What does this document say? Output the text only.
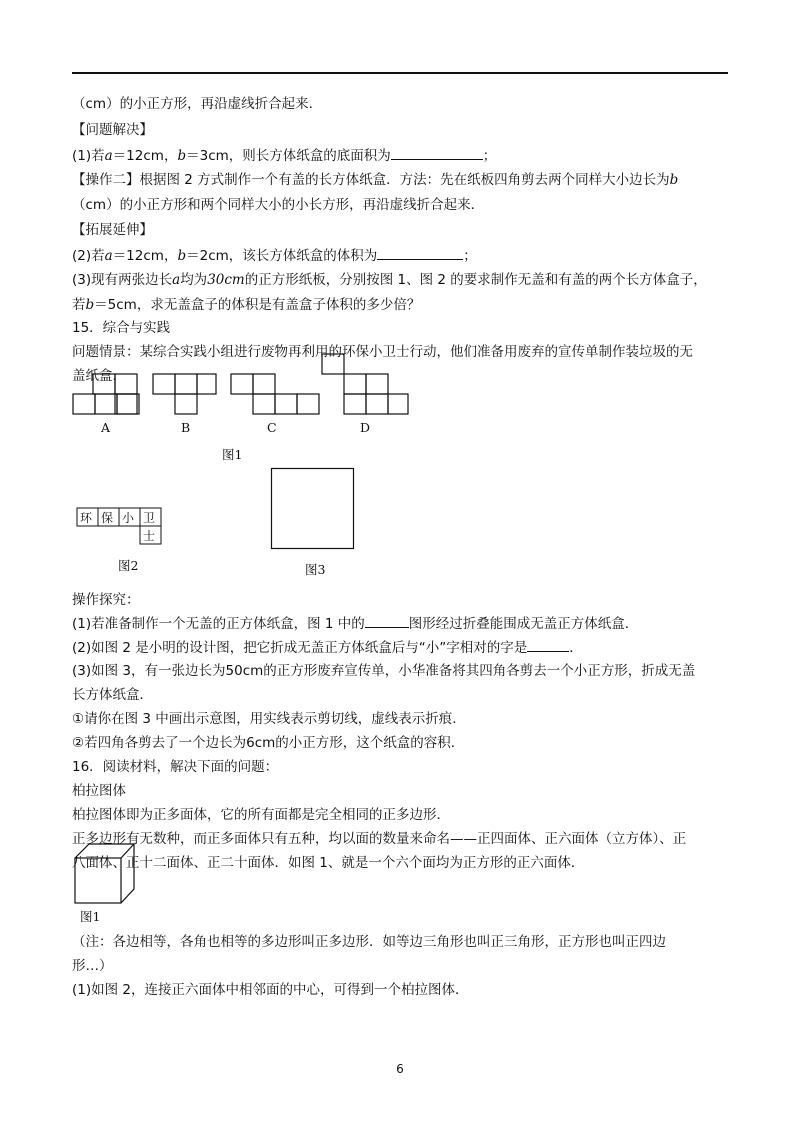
（cm）的小正方形，再沿虚线折合起来．
【问题解决】
(1)若a＝12cm，b＝3cm，则长方体纸盒的底面积为	；
【操作二】根据图 2 方式制作一个有盖的长方体纸盒．方法：先在纸板四角剪去两个同样大小边长为b
（cm）的小正方形和两个同样大小的小长方形，再沿虚线折合起来．
【拓展延伸】
(2)若a＝12cm，b＝2cm，该长方体纸盒的体积为	；
(3)现有两张边长a均为30cm的正方形纸板，分别按图 1、图 2 的要求制作无盖和有盖的两个长方体盒子，
若b＝5cm，求无盖盒子的体积是有盖盒子体积的多少倍？
15．综合与实践
问题情景：某综合实践小组进行废物再利用的环保小卫士行动，他们准备用废弃的宣传单制作装垃圾的无
盖纸盒．
A	B	C	D
图1
环 保 小 卫
士
图2	图3
操作探究：
(1)若准备制作一个无盖的正方体纸盒，图 1 中的	图形经过折叠能围成无盖正方体纸盒．
(2)如图 2 是小明的设计图，把它折成无盖正方体纸盒后与“小”字相对的字是	．
(3)如图 3，有一张边长为50cm的正方形废弃宣传单，小华准备将其四角各剪去一个小正方形，折成无盖
长方体纸盒．
①请你在图 3 中画出示意图，用实线表示剪切线，虚线表示折痕．
②若四角各剪去了一个边长为6cm的小正方形，这个纸盒的容积．
16．阅读材料，解决下面的问题：
柏拉图体
柏拉图体即为正多面体，它的所有面都是完全相同的正多边形．
正多边形有无数种，而正多面体只有五种，均以面的数量来命名——正四面体、正六面体（立方体）、正
八面体、正十二面体、正二十面体．如图 1、就是一个六个面均为正方形的正六面体．
图1
（注：各边相等，各角也相等的多边形叫正多边形．如等边三角形也叫正三角形，正方形也叫正四边
形…）
(1)如图 2，连接正六面体中相邻面的中心，可得到一个柏拉图体．
6
